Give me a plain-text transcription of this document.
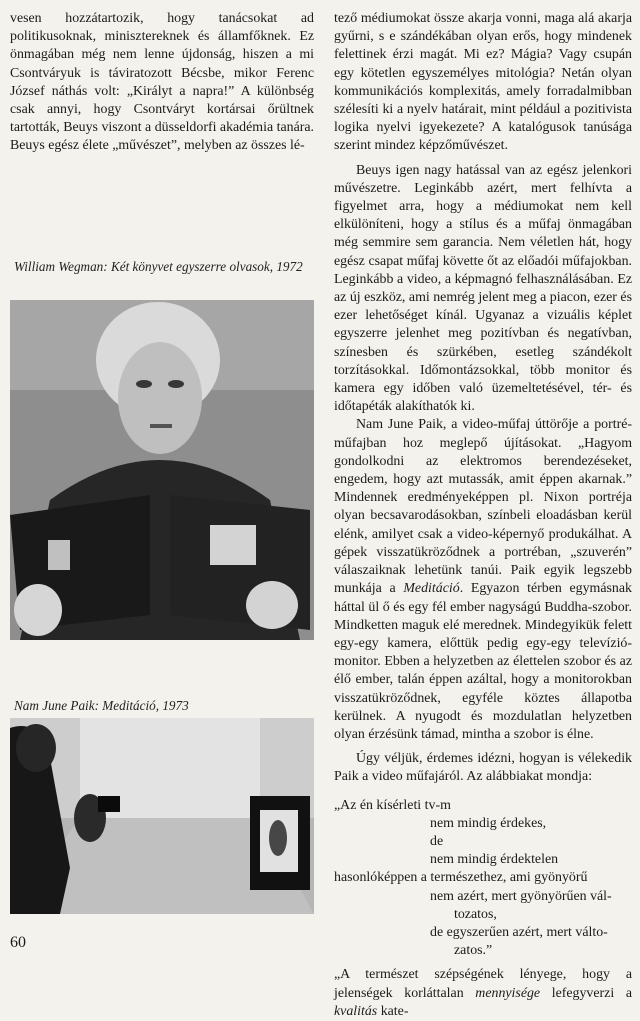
vesen hozzátartozik, hogy tanácsokat ad politikusoknak, minisztereknek és államfőknek. Ez önmagában még nem lenne újdonság, hiszen a mi Csontváryuk is táviratozott Bécsbe, mikor Ferenc József náthás volt: „Királyt a napra!” A különbség csak annyi, hogy Csontváryt kortársai őrültnek tartották, Beuys viszont a düsseldorfi akadémia tanára. Beuys egész élete „művészet”, melyben az összes lé-

William Wegman: Két könyvet egyszerre olvasok, 1972
Nam June Paik: Meditáció, 1973
60

tező médiumokat össze akarja vonni, maga alá akarja gyűrni, s e szándékában olyan erős, hogy mindenek felettinek érzi magát. Mi ez? Mágia? Vagy csupán egy kötetlen egyszemélyes mitológia? Netán olyan kommunikációs komplexitás, amely forradalmibban szélesíti ki a nyelv határait, mint például a pozitivista logika nyelvi igyekezete? A katalógusok tanúsága szerint mindez képzőművészet.

Beuys igen nagy hatással van az egész jelenkori művészetre. Leginkább azért, mert felhívta a figyelmet arra, hogy a médiumokat nem kell elkülöníteni, hogy a stílus és a műfaj önmagában még semmire sem garancia. Nem véletlen hát, hogy egész csapat műfaj követte őt az előadói műfajokban. Leginkább a video, a képmagnó felhasználásában. Ez az új eszköz, ami nemrég jelent meg a piacon, ezer és ezer lehetőséget kínál. Ugyanaz a vizuális képlet egyszerre jelenhet meg pozitívban és negatívban, színesben és szürkében, esetleg szándékolt torzításokkal. Időmontázsokkal, több monitor és kamera egy időben való üzemeltetésével, tér- és időtapéták alakíthatók ki.

Nam June Paik, a video-műfaj úttörője a portré-műfajban hoz meglepő újításokat. „Hagyom gondolkodni az elektromos berendezéseket, engedem, hogy azt mutassák, amit éppen akarnak.” Mindennek eredményeképpen pl. Nixon portréja olyan becsavarodásokban, színbeli eloadásban kerül elénk, amilyet csak a video-képernyő produkálhat. A gépek visszatükröződnek a portréban, „szuverén” válaszaiknak lehetünk tanúi. Paik egyik legszebb munkája a Meditáció. Egyazon térben egymásnak háttal ül ő és egy fél ember nagyságú Buddha-szobor. Mindketten maguk elé merednek. Mindegyikük felett egy-egy kamera, előttük pedig egy-egy televízió-monitor. Ebben a helyzetben az élettelen szobor és az élő ember, talán éppen azáltal, hogy a monitorokban visszatükröződnek, egyféle köztes állapotba kerülnek. A nyugodt és mozdulatlan helyzetben olyan érzésünk támad, mintha a szobor is élne.

Úgy véljük, érdemes idézni, hogyan is vélekedik Paik a video műfajáról. Az alábbiakat mondja:

„Az én kísérleti tv-m
nem mindig érdekes,
de
nem mindig érdektelen
hasonlóképpen a természethez, ami gyönyörű
nem azért, mert gyönyörűen vál-
tozatos,
de egyszerűen azért, mert válto-
zatos.”

„A természet szépségének lényege, hogy a jelenségek korláttalan mennyisége lefegyverzi a kvalitás kate-
